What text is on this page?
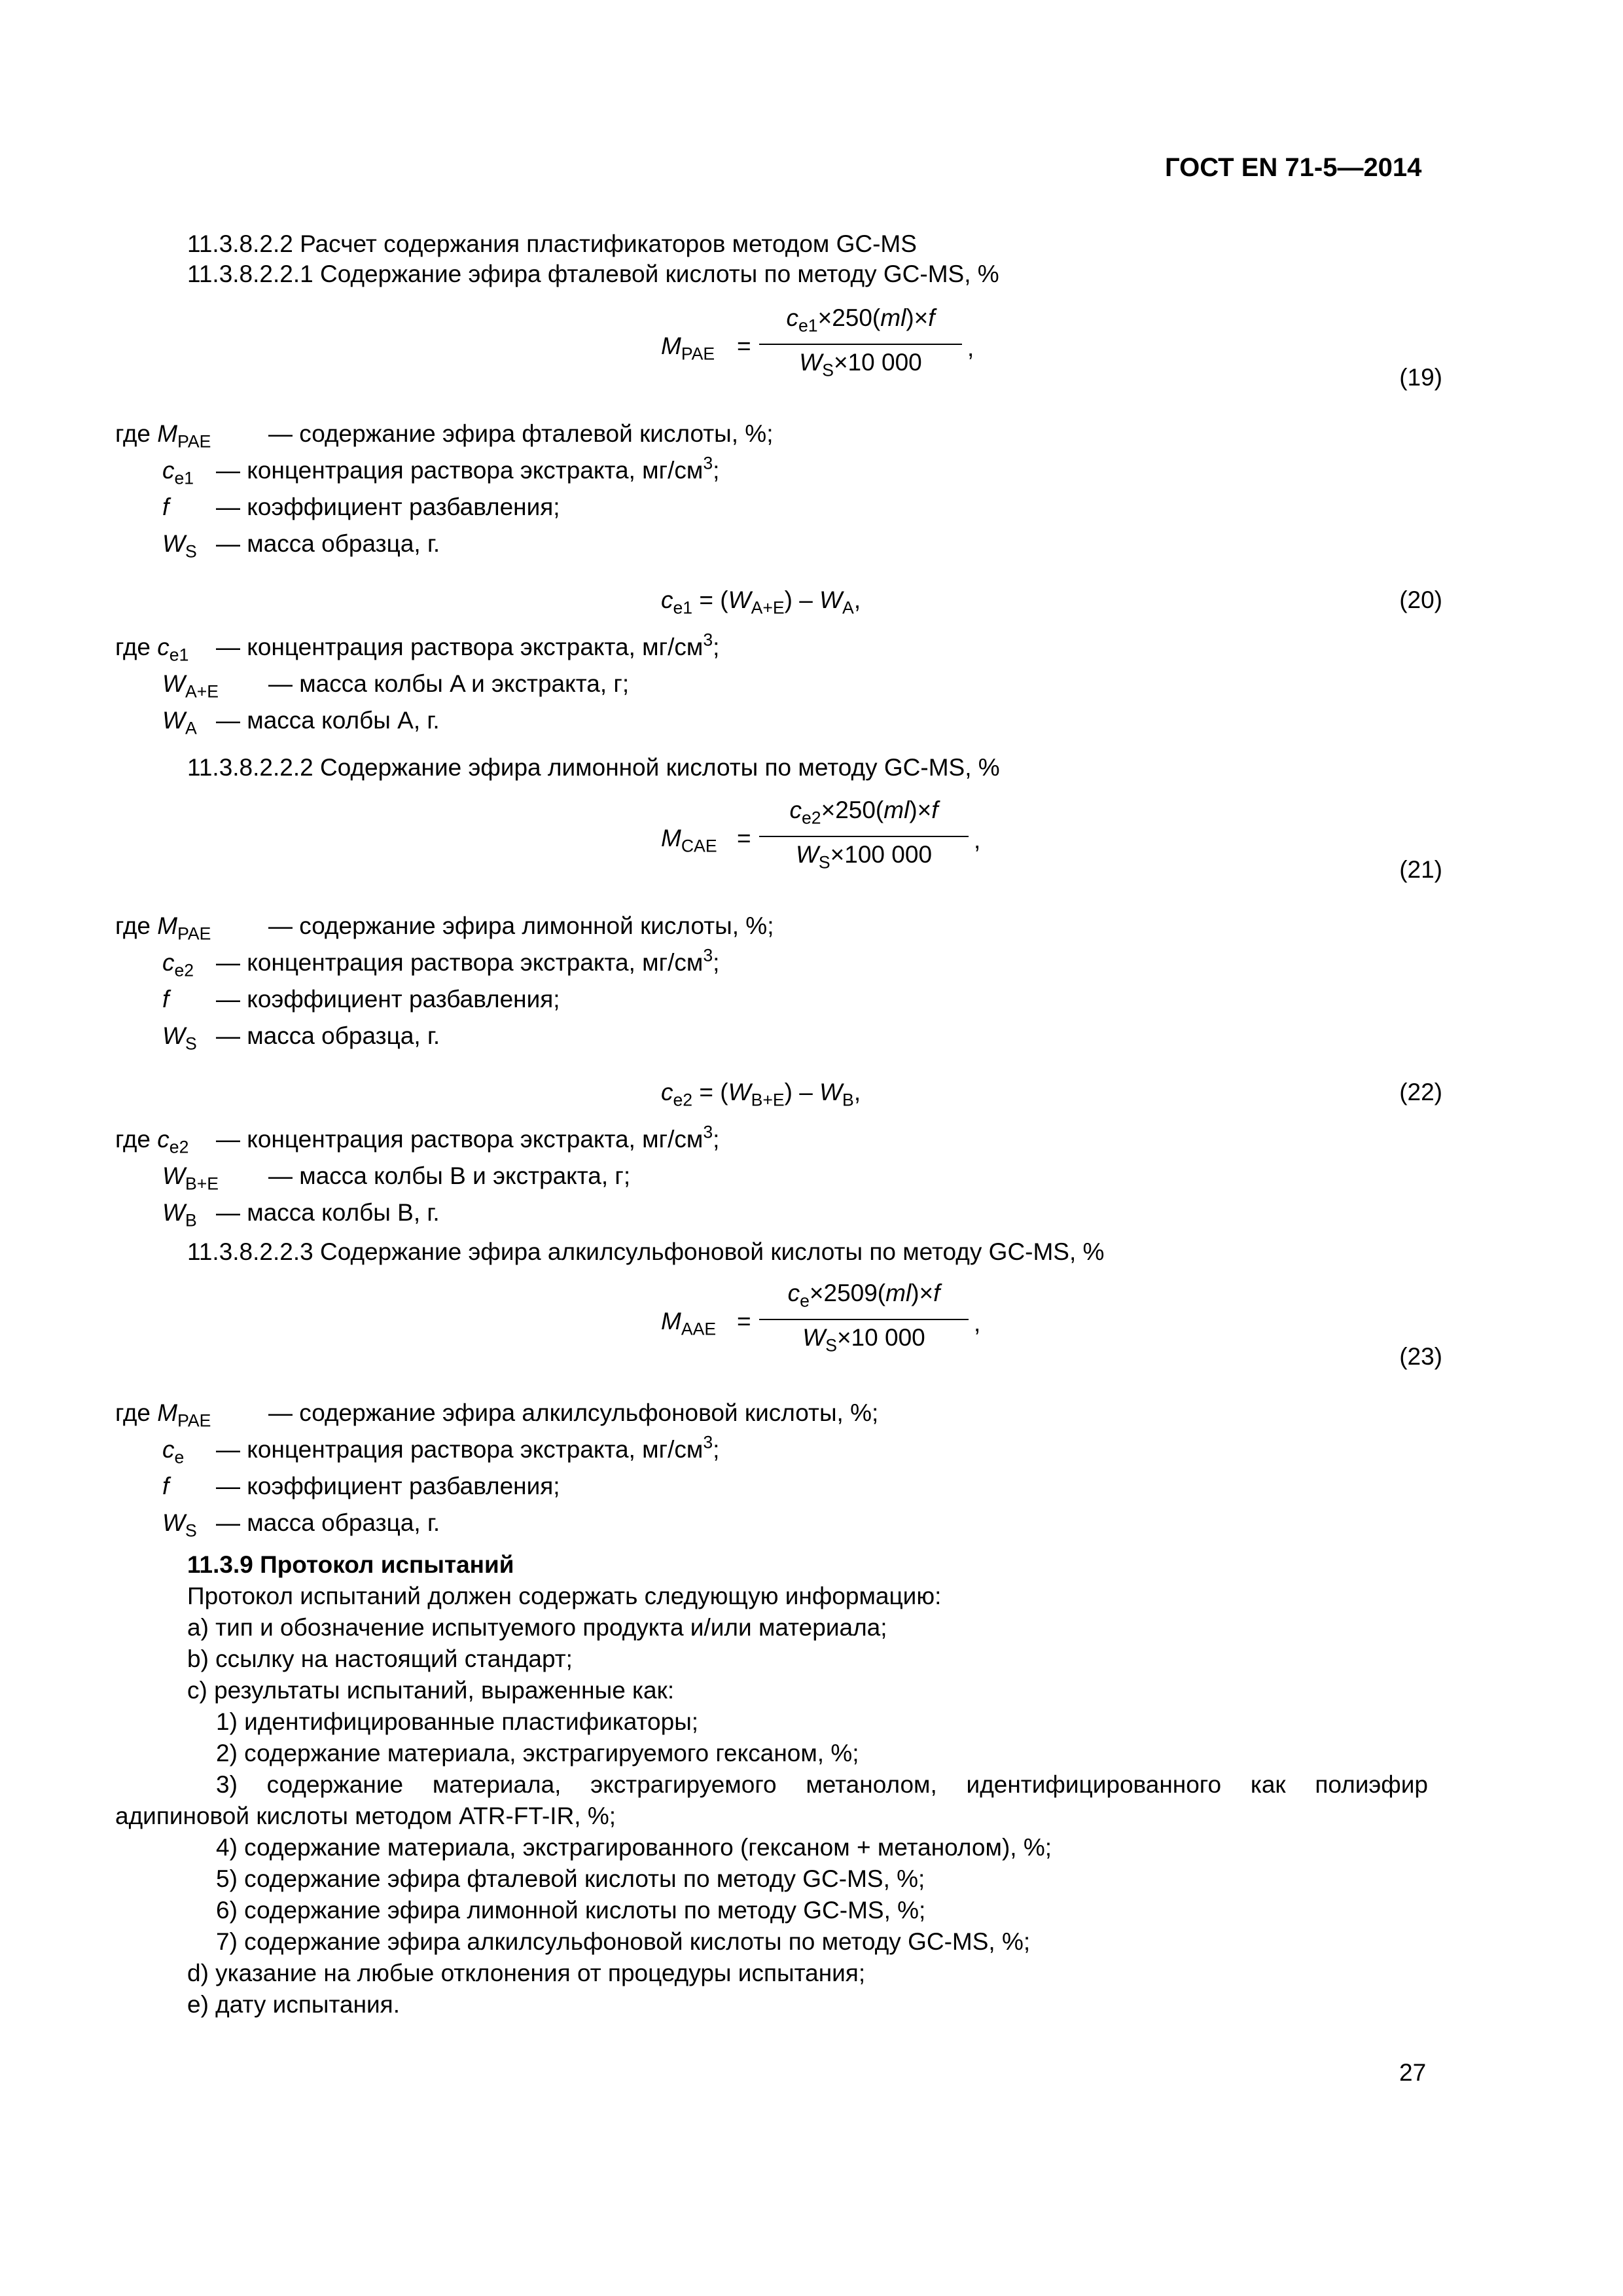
ГОСТ EN 71-5—2014
11.3.8.2.2 Расчет содержания пластификаторов методом GC-MS
11.3.8.2.2.1 Содержание эфира фталевой кислоты по методу GC-MS, %
$M_{PAE}$ =
$c_{e1}\times 250(ml)\times f$
$W_S\times 10$ 000
,
(19)
где $M_{PAE}$ — содержание эфира фталевой кислоты, %;
$c_{e1}$ — концентрация раствора экстракта, $мг/см^3$;
f — коэффициент разбавления;
$W_S$ — масса образца, г.
$c_{e1} = (W_{A+E}) - W_A$,	(20)
где $c_{e1}$ — концентрация раствора экстракта, $мг/см^3$;
$W_{A+E}$ — масса колбы A и экстракта, г;
$W_A$ — масса колбы A, г.
11.3.8.2.2.2 Содержание эфира лимонной кислоты по методу GC-MS, %
$M_{CAE}$ =
$c_{e2}\times 250(ml)\times f$
$W_S\times 100$ 000
,
(21)
где $M_{PAE}$ — содержание эфира лимонной кислоты, %;
$c_{e2}$ — концентрация раствора экстракта, $мг/см^3$;
f — коэффициент разбавления;
$W_S$ — масса образца, г.
$c_{e2} = (W_{B+E}) - W_B$,	(22)
где $c_{e2}$ — концентрация раствора экстракта, $мг/см^3$;
$W_{B+E}$ — масса колбы B и экстракта, г;
$W_B$ — масса колбы B, г.
11.3.8.2.2.3 Содержание эфира алкилсульфоновой кислоты по методу GC-MS, %
$M_{AAE}$ =
$c_e\times 2509(ml)\times f$
$W_S\times 10$ 000
,
(23)
где $M_{PAE}$ — содержание эфира алкилсульфоновой кислоты, %;
$c_e$ — концентрация раствора экстракта, $мг/см^3$;
f — коэффициент разбавления;
$W_S$ — масса образца, г.
11.3.9 Протокол испытаний
Протокол испытаний должен содержать следующую информацию:
а) тип и обозначение испытуемого продукта и/или материала;
b) ссылку на настоящий стандарт;
c) результаты испытаний, выраженные как:
1) идентифицированные пластификаторы;
2) содержание материала, экстрагируемого гексаном, %;
3) содержание материала, экстрагируемого метанолом, идентифицированного как полиэфир
адипиновой кислоты методом ATR-FT-IR, %;
4) содержание материала, экстрагированного (гексаном + метанолом), %;
5) содержание эфира фталевой кислоты по методу GC-MS, %;
6) содержание эфира лимонной кислоты по методу GC-MS, %;
7) содержание эфира алкилсульфоновой кислоты по методу GC-MS, %;
d) указание на любые отклонения от процедуры испытания;
e) дату испытания.
27
